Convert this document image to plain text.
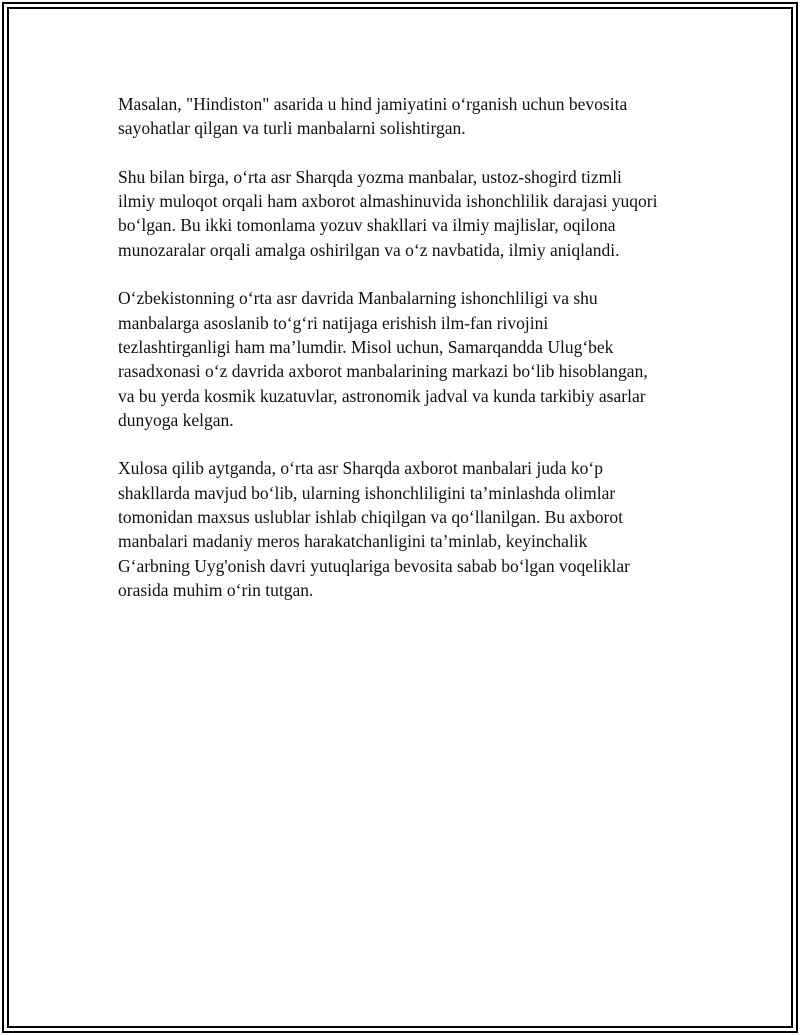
Masalan, "Hindiston" asarida u hind jamiyatini o‘rganish uchun bevosita
sayohatlar qilgan va turli manbalarni solishtirgan.

Shu bilan birga, o‘rta asr Sharqda yozma manbalar, ustoz-shogird tizmli
ilmiy muloqot orqali ham axborot almashinuvida ishonchlilik darajasi yuqori
bo‘lgan. Bu ikki tomonlama yozuv shakllari va ilmiy majlislar, oqilona
munozaralar orqali amalga oshirilgan va o‘z navbatida, ilmiy aniqlandi.

O‘zbekistonning o‘rta asr davrida Manbalarning ishonchliligi va shu
manbalarga asoslanib to‘g‘ri natijaga erishish ilm-fan rivojini
tezlashtirganligi ham ma’lumdir. Misol uchun, Samarqandda Ulug‘bek
rasadxonasi o‘z davrida axborot manbalarining markazi bo‘lib hisoblangan,
va bu yerda kosmik kuzatuvlar, astronomik jadval va kunda tarkibiy asarlar
dunyoga kelgan.

Xulosa qilib aytganda, o‘rta asr Sharqda axborot manbalari juda ko‘p
shakllarda mavjud bo‘lib, ularning ishonchliligini ta’minlashda olimlar
tomonidan maxsus uslublar ishlab chiqilgan va qo‘llanilgan. Bu axborot
manbalari madaniy meros harakatchanligini ta’minlab, keyinchalik
G‘arbning Uyg'onish davri yutuqlariga bevosita sabab bo‘lgan voqeliklar
orasida muhim o‘rin tutgan.
